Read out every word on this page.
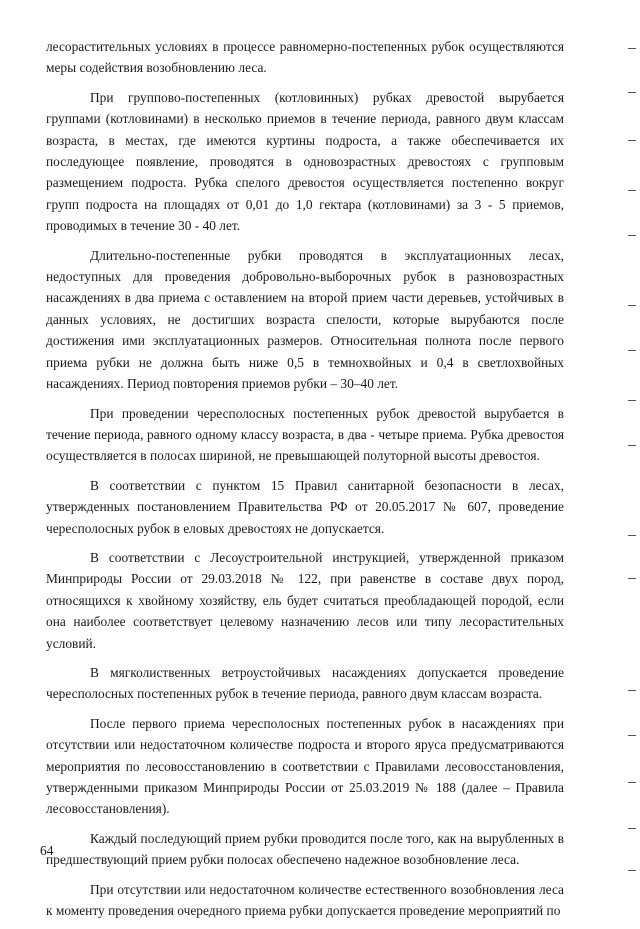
лесорастительных условиях в процессе равномерно-постепенных рубок осуществляются меры содействия возобновлению леса.

При группово-постепенных (котловинных) рубках древостой вырубается группами (котловинами) в несколько приемов в течение периода, равного двум классам возраста, в местах, где имеются куртины подроста, а также обеспечивается их последующее появление, проводятся в одновозрастных древостоях с групповым размещением подроста. Рубка спелого древостоя осуществляется постепенно вокруг групп подроста на площадях от 0,01 до 1,0 гектара (котловинами) за 3 - 5 приемов, проводимых в течение 30 - 40 лет.

Длительно-постепенные рубки проводятся в эксплуатационных лесах, недоступных для проведения добровольно-выборочных рубок в разновозрастных насаждениях в два приема с оставлением на второй прием части деревьев, устойчивых в данных условиях, не достигших возраста спелости, которые вырубаются после достижения ими эксплуатационных размеров. Относительная полнота после первого приема рубки не должна быть ниже 0,5 в темнохвойных и 0,4 в светлохвойных насаждениях. Период повторения приемов рубки – 30–40 лет.

При проведении чересполосных постепенных рубок древостой вырубается в течение периода, равного одному классу возраста, в два - четыре приема. Рубка древостоя осуществляется в полосах шириной, не превышающей полуторной высоты древостоя.

В соответствии с пунктом 15 Правил санитарной безопасности в лесах, утвержденных постановлением Правительства РФ от 20.05.2017 № 607, проведение чересполосных рубок в еловых древостоях не допускается.

В соответствии с Лесоустроительной инструкцией, утвержденной приказом Минприроды России от 29.03.2018 № 122, при равенстве в составе двух пород, относящихся к хвойному хозяйству, ель будет считаться преобладающей породой, если она наиболее соответствует целевому назначению лесов или типу лесорастительных условий.

В мягколиственных ветроустойчивых насаждениях допускается проведение чересполосных постепенных рубок в течение периода, равного двум классам возраста.

После первого приема чересполосных постепенных рубок в насаждениях при отсутствии или недостаточном количестве подроста и второго яруса предусматриваются мероприятия по лесовосстановлению в соответствии с Правилами лесовосстановления, утвержденными приказом Минприроды России от 25.03.2019 № 188 (далее – Правила лесовосстановления).

Каждый последующий прием рубки проводится после того, как на вырубленных в предшествующий прием рубки полосах обеспечено надежное возобновление леса.

При отсутствии или недостаточном количестве естественного возобновления леса к моменту проведения очередного приема рубки допускается проведение мероприятий по

64
